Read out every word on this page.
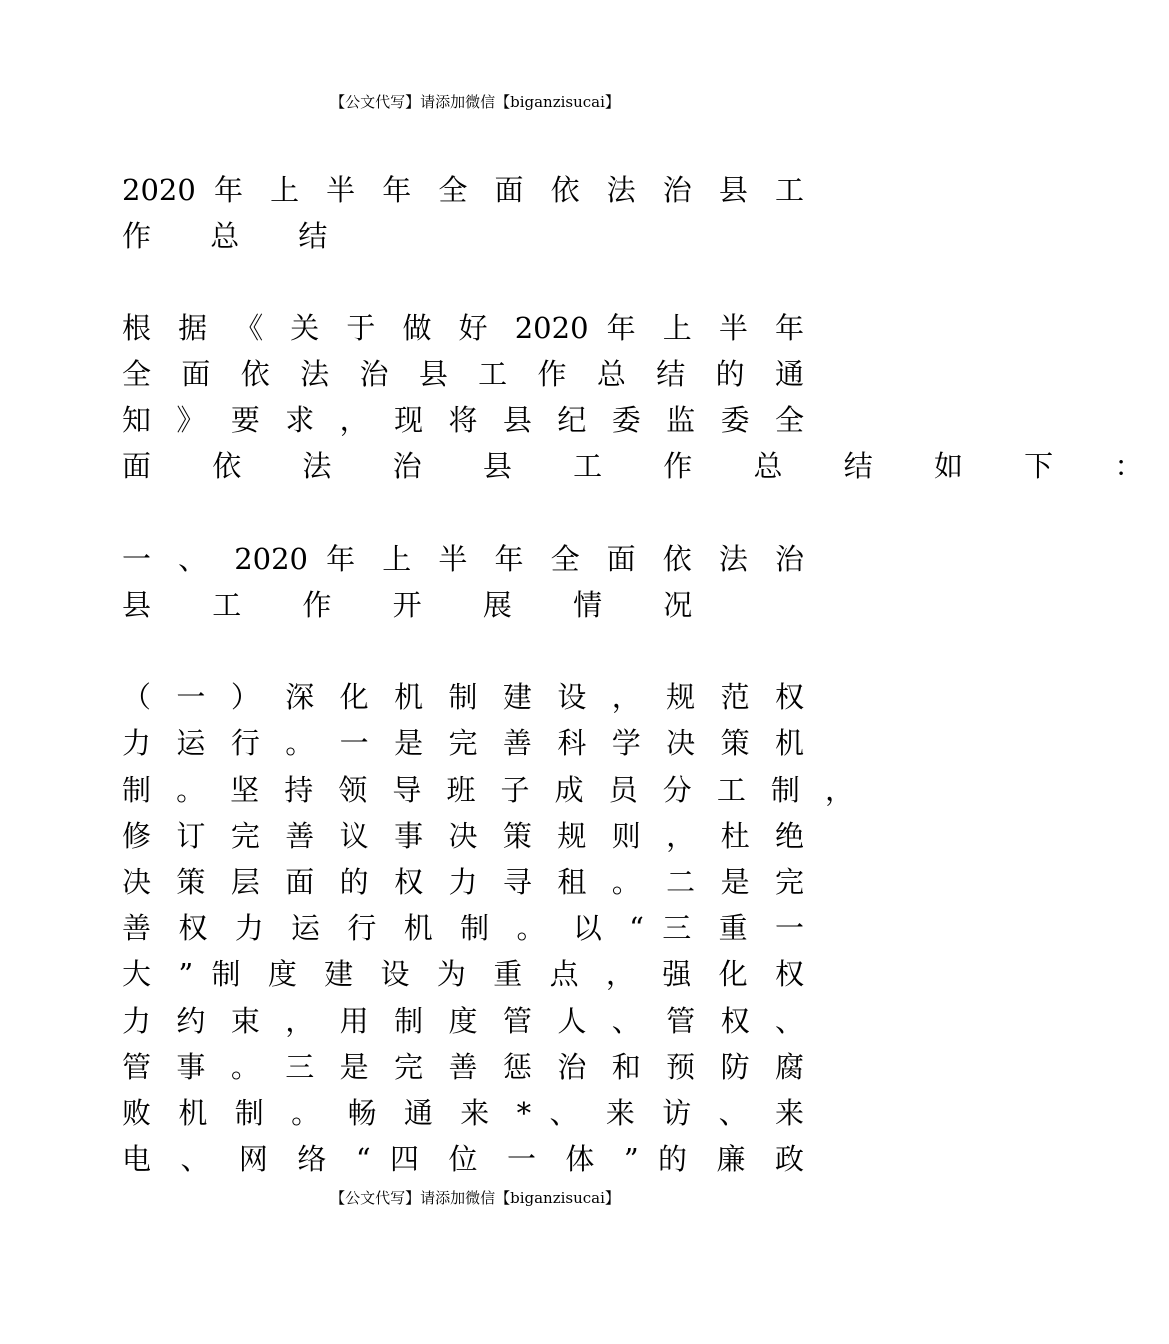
【公文代写】请添加微信【biganzisucai】
2020 年 上 半 年 全 面 依 法 治 县 工
作 总 结
根 据 《 关 于 做 好 2020 年 上 半 年
全 面 依 法 治 县 工 作 总 结 的 通
知 》 要 求 ， 现 将 县 纪 委 监 委 全
面 依 法 治 县 工 作 总 结 如 下 ：
一 、 2020 年 上 半 年 全 面 依 法 治
县 工 作 开 展 情 况
（ 一 ） 深 化 机 制 建 设 ， 规 范 权
力 运 行 。 一 是 完 善 科 学 决 策 机
制 。 坚 持 领 导 班 子 成 员 分 工 制 ，
修 订 完 善 议 事 决 策 规 则 ， 杜 绝
决 策 层 面 的 权 力 寻 租 。 二 是 完
善 权 力 运 行 机 制 。 以 “ 三 重 一
大 ” 制 度 建 设 为 重 点 ， 强 化 权
力 约 束 ， 用 制 度 管 人 、 管 权 、
管 事 。 三 是 完 善 惩 治 和 预 防 腐
败 机 制 。 畅 通 来 * 、 来 访 、 来
电 、 网 络 “ 四 位 一 体 ” 的 廉 政
【公文代写】请添加微信【biganzisucai】
